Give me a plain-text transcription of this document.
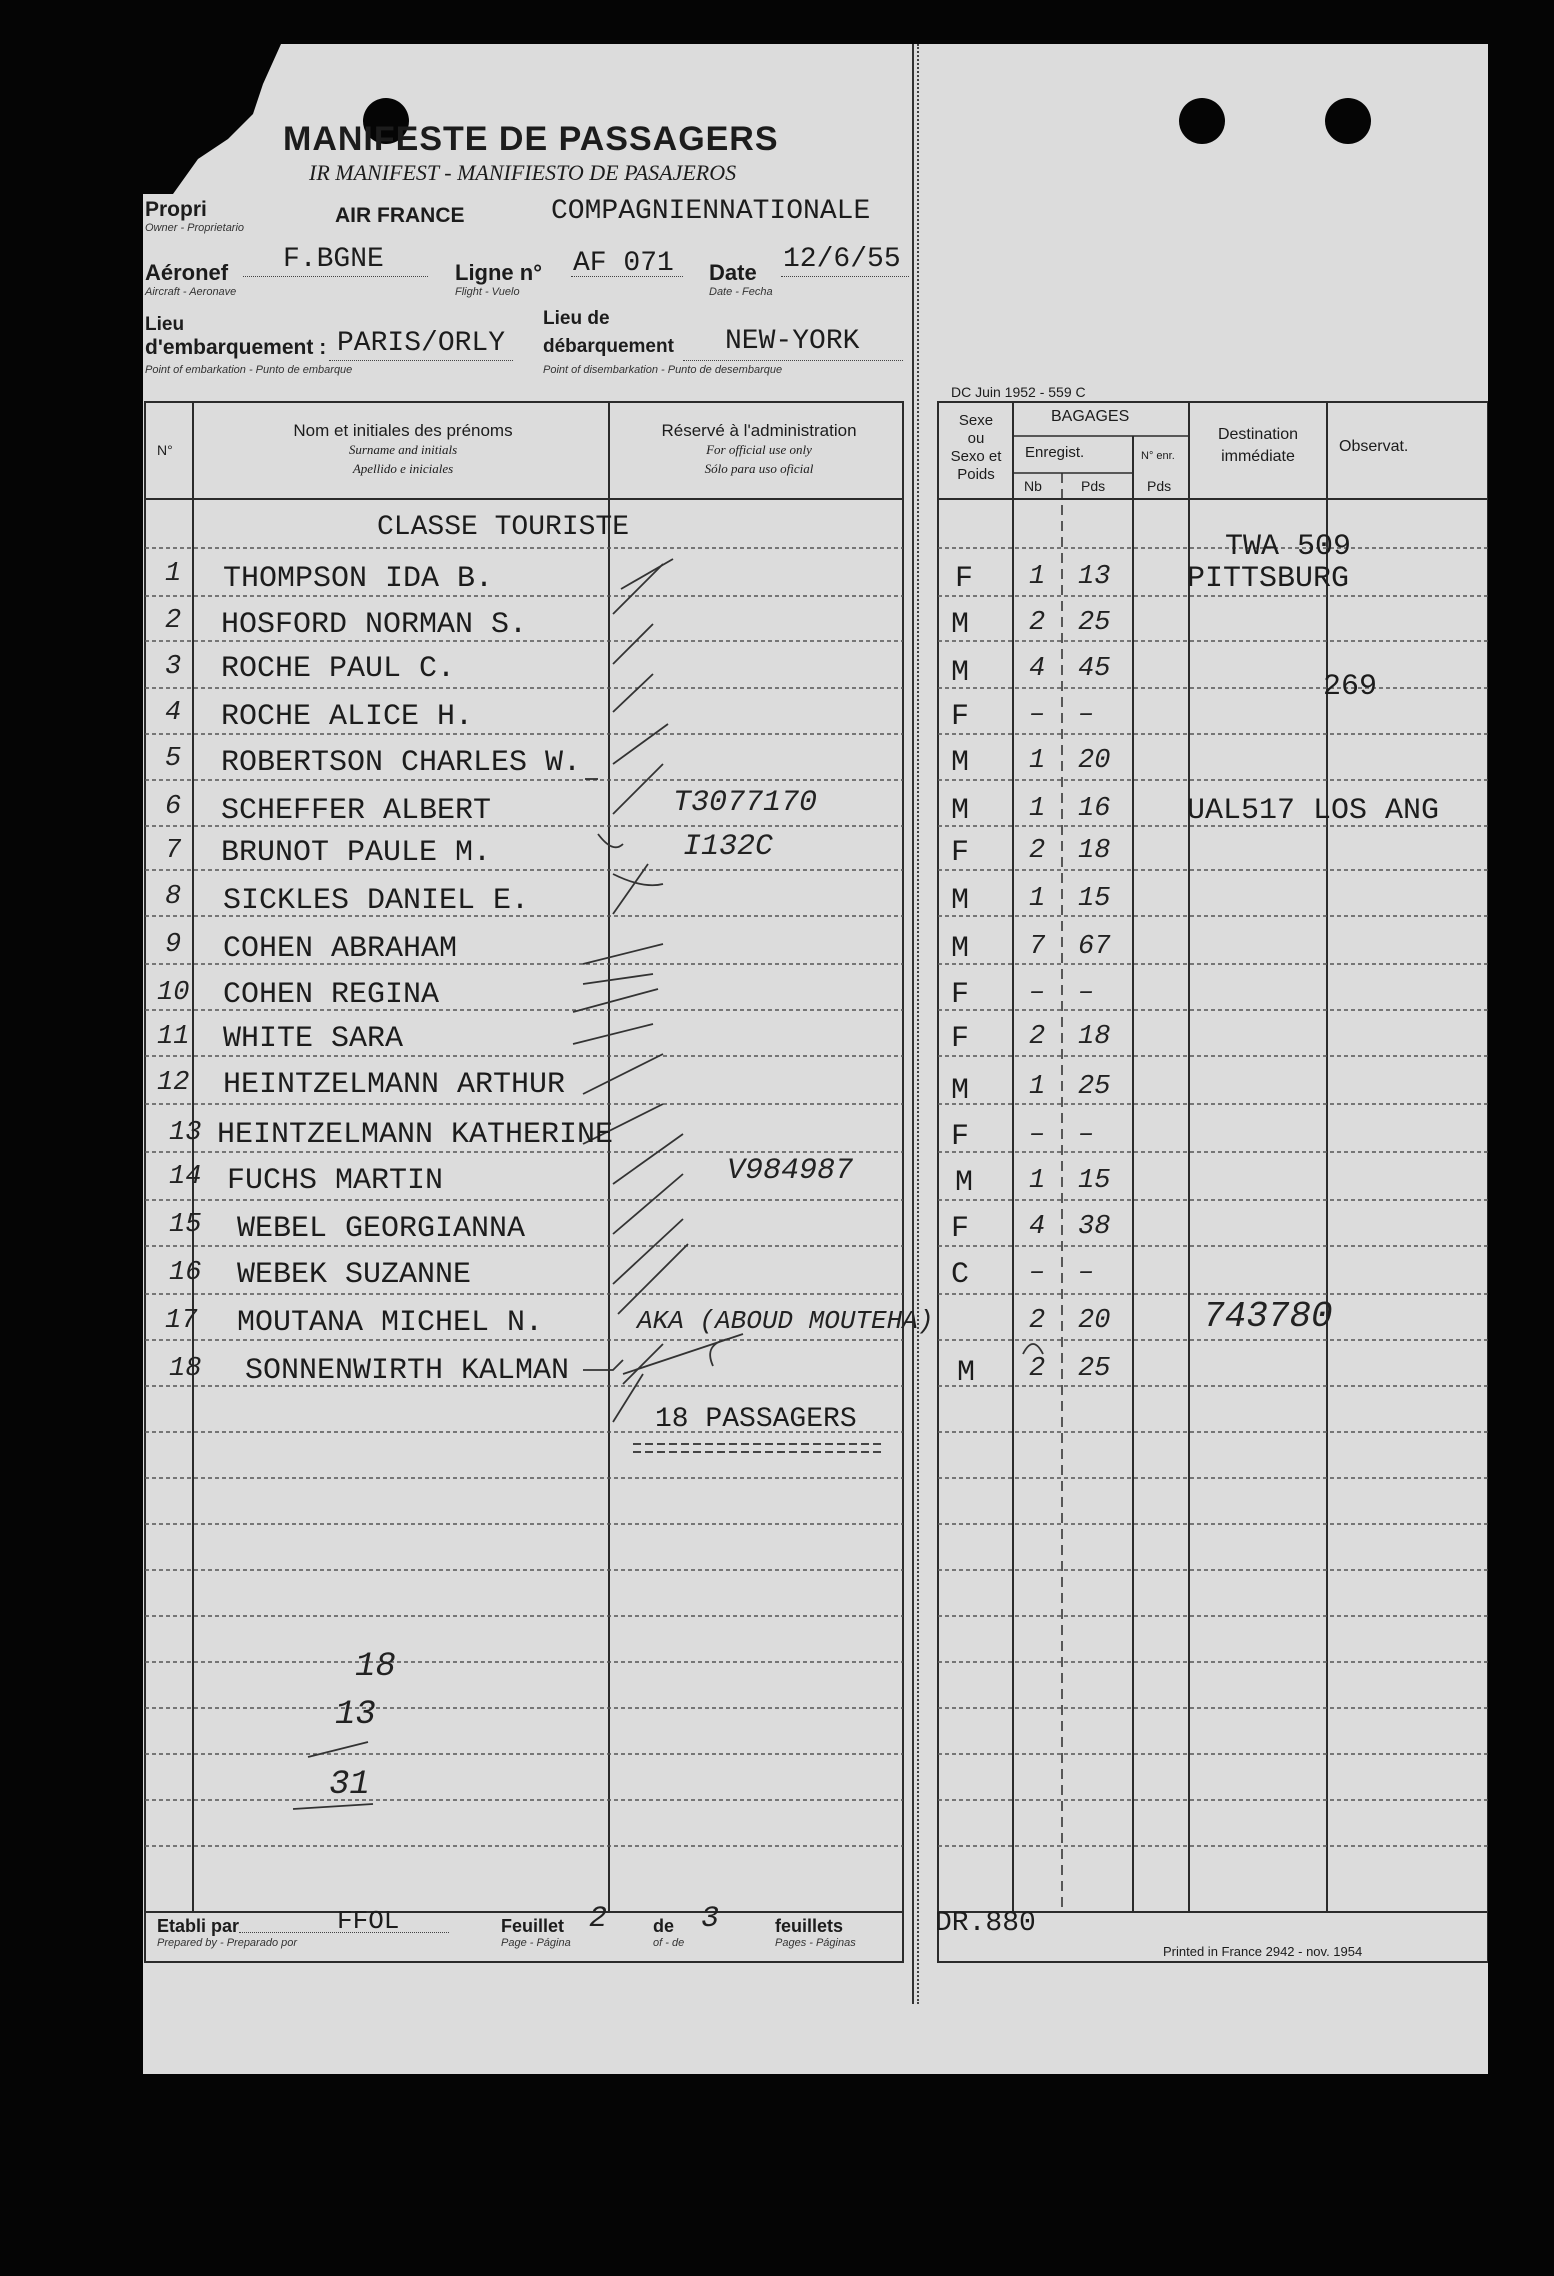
MANIFESTE DE PASSAGERS
IR MANIFEST - MANIFIESTO DE PASAJEROS
Propri
Owner - Proprietario
AIR FRANCE	COMPAGNIENNATIONALE
Aéronef
Aircraft - Aeronave
F.BGNE	Ligne n°
Flight - Vuelo
AF 071 Date
Date - Fecha
12/6/55
Lieu
d'embarquement :
Point of embarkation - Punto de embarque
PARIS/ORLY
Lieu de
débarquement
Point of disembarkation - Punto de desembarque
NEW-YORK
DC Juin 1952 - 559 C
N°
Nom et initiales des prénoms
Surname and initials
Apellido e iniciales
Réservé à l'administration
For official use only
Sólo para uso oficial
Sexe
ou
Sexo et
Poids
BAGAGES
Enregist.
Nb	Pds
N° enr.
Pds
Destination
immédiate
Observat.
CLASSE TOURISTE
1 THOMPSON IDA B.	F 1 13	PITTSBURG
2 HOSFORD NORMAN S.	M 2 25
3 ROCHE PAUL C.	M 4 45
4 ROCHE ALICE H.	F – –
5 ROBERTSON CHARLES W.	M 1 20
6 SCHEFFER ALBERT	T3077170	M 1 16	UAL517 LOS ANG
7 BRUNOT PAULE M.	I132C	F 2 18
8 SICKLES DANIEL E.	M 1 15
9 COHEN ABRAHAM	M 7 67
10 COHEN REGINA	F – –
11 WHITE SARA	F 2 18
12 HEINTZELMANN ARTHUR	M 1 25
13 HEINTZELMANN KATHERINE	F – –
14 FUCHS MARTIN	V984987	M 1 15
15 WEBEL GEORGIANNA	F 4 38
16 WEBEK SUZANNE	C – –
17 MOUTANA MICHEL N.	AKA (ABOUD MOUTEHA)	2 20	743780
18 SONNENWIRTH KALMAN	M 2 25
TWA 509
269
18 PASSAGERS
18
13
31
Etabli par
Prepared by - Preparado por
FFOL	Feuillet
Page - Página
2	de
of - de
3	feuillets
Pages - Páginas
DR.880
Printed in France 2942 - nov. 1954
